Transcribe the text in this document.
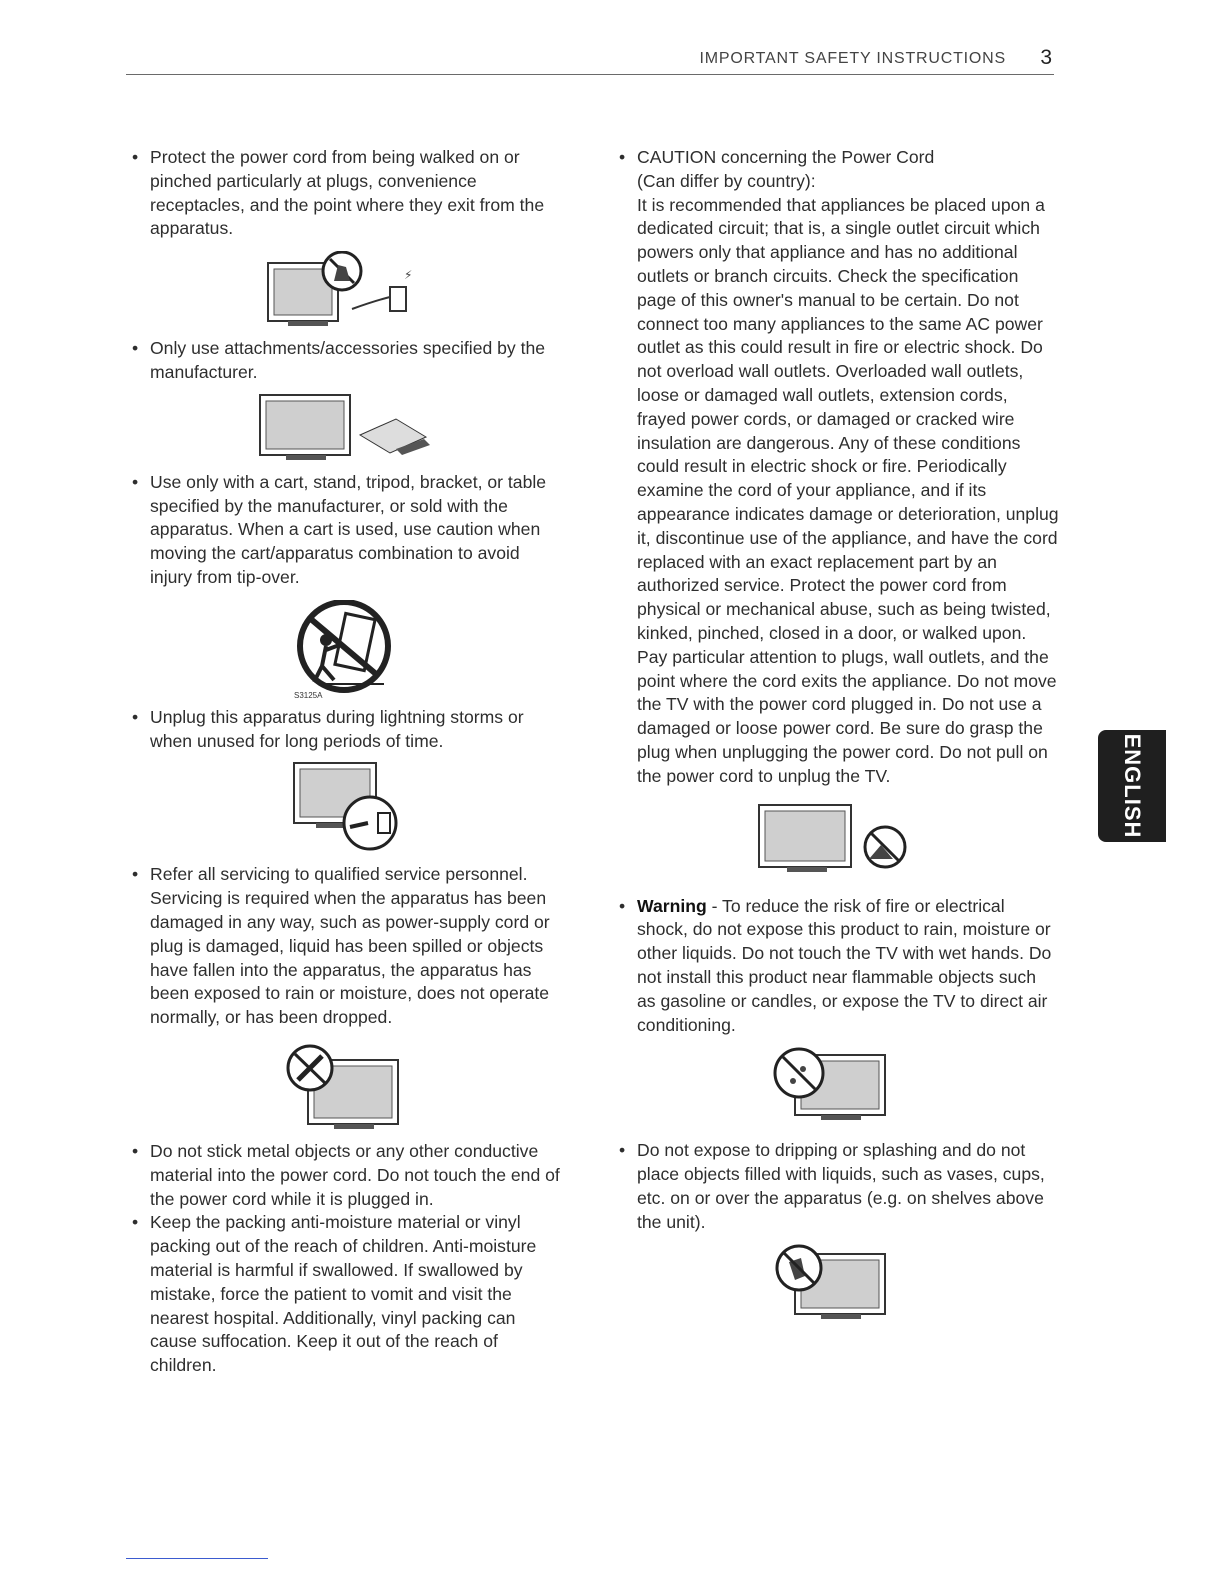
IMPORTANT SAFETY INSTRUCTIONS 3
• Protect the power cord from being walked on or pinched particularly at plugs, convenience receptacles, and the point where they exit from the apparatus.

⚡
• Only use attachments/accessories specified by the manufacturer.

• Use only with a cart, stand, tripod, bracket, or table specified by the manufacturer, or sold with the apparatus. When a cart is used, use caution when moving the cart/apparatus combination to avoid injury from tip-over.

S3125A
• Unplug this apparatus during lightning storms or when unused for long periods of time.

• Refer all servicing to qualified service personnel. Servicing is required when the apparatus has been damaged in any way, such as power-supply cord or plug is damaged, liquid has been spilled or objects have fallen into the apparatus, the apparatus has been exposed to rain or moisture, does not operate normally, or has been dropped.

• Do not stick metal objects or any other conductive material into the power cord. Do not touch the end of the power cord while it is plugged in.

• Keep the packing anti-moisture material or vinyl packing out of the reach of children. Anti-moisture material is harmful if swallowed. If swallowed by mistake, force the patient to vomit and visit the nearest hospital. Additionally, vinyl packing can cause suffocation. Keep it out of the reach of children.

• CAUTION concerning the Power Cord

(Can differ by country):

It is recommended that appliances be placed upon a dedicated circuit; that is, a single outlet circuit which powers only that appliance and has no additional outlets or branch circuits. Check the specification page of this owner's manual to be certain. Do not connect too many appliances to the same AC power outlet as this could result in fire or electric shock. Do not overload wall outlets. Overloaded wall outlets, loose or damaged wall outlets, extension cords, frayed power cords, or damaged or cracked wire insulation are dangerous. Any of these conditions could result in electric shock or fire. Periodically examine the cord of your appliance, and if its appearance indicates damage or deterioration, unplug it, discontinue use of the appliance, and have the cord replaced with an exact replacement part by an authorized service. Protect the power cord from physical or mechanical abuse, such as being twisted, kinked, pinched, closed in a door, or walked upon. Pay particular attention to plugs, wall outlets, and the point where the cord exits the appliance. Do not move the TV with the power cord plugged in. Do not use a damaged or loose power cord. Be sure do grasp the plug when unplugging the power cord. Do not pull on the power cord to unplug the TV.

• Warning - To reduce the risk of fire or electrical shock, do not expose this product to rain, moisture or other liquids. Do not touch the TV with wet hands. Do not install this product near flammable objects such as gasoline or candles, or expose the TV to direct air conditioning.

• Do not expose to dripping or splashing and do not place objects filled with liquids, such as vases, cups, etc. on or over the apparatus (e.g. on shelves above the unit).

ENGLISH
